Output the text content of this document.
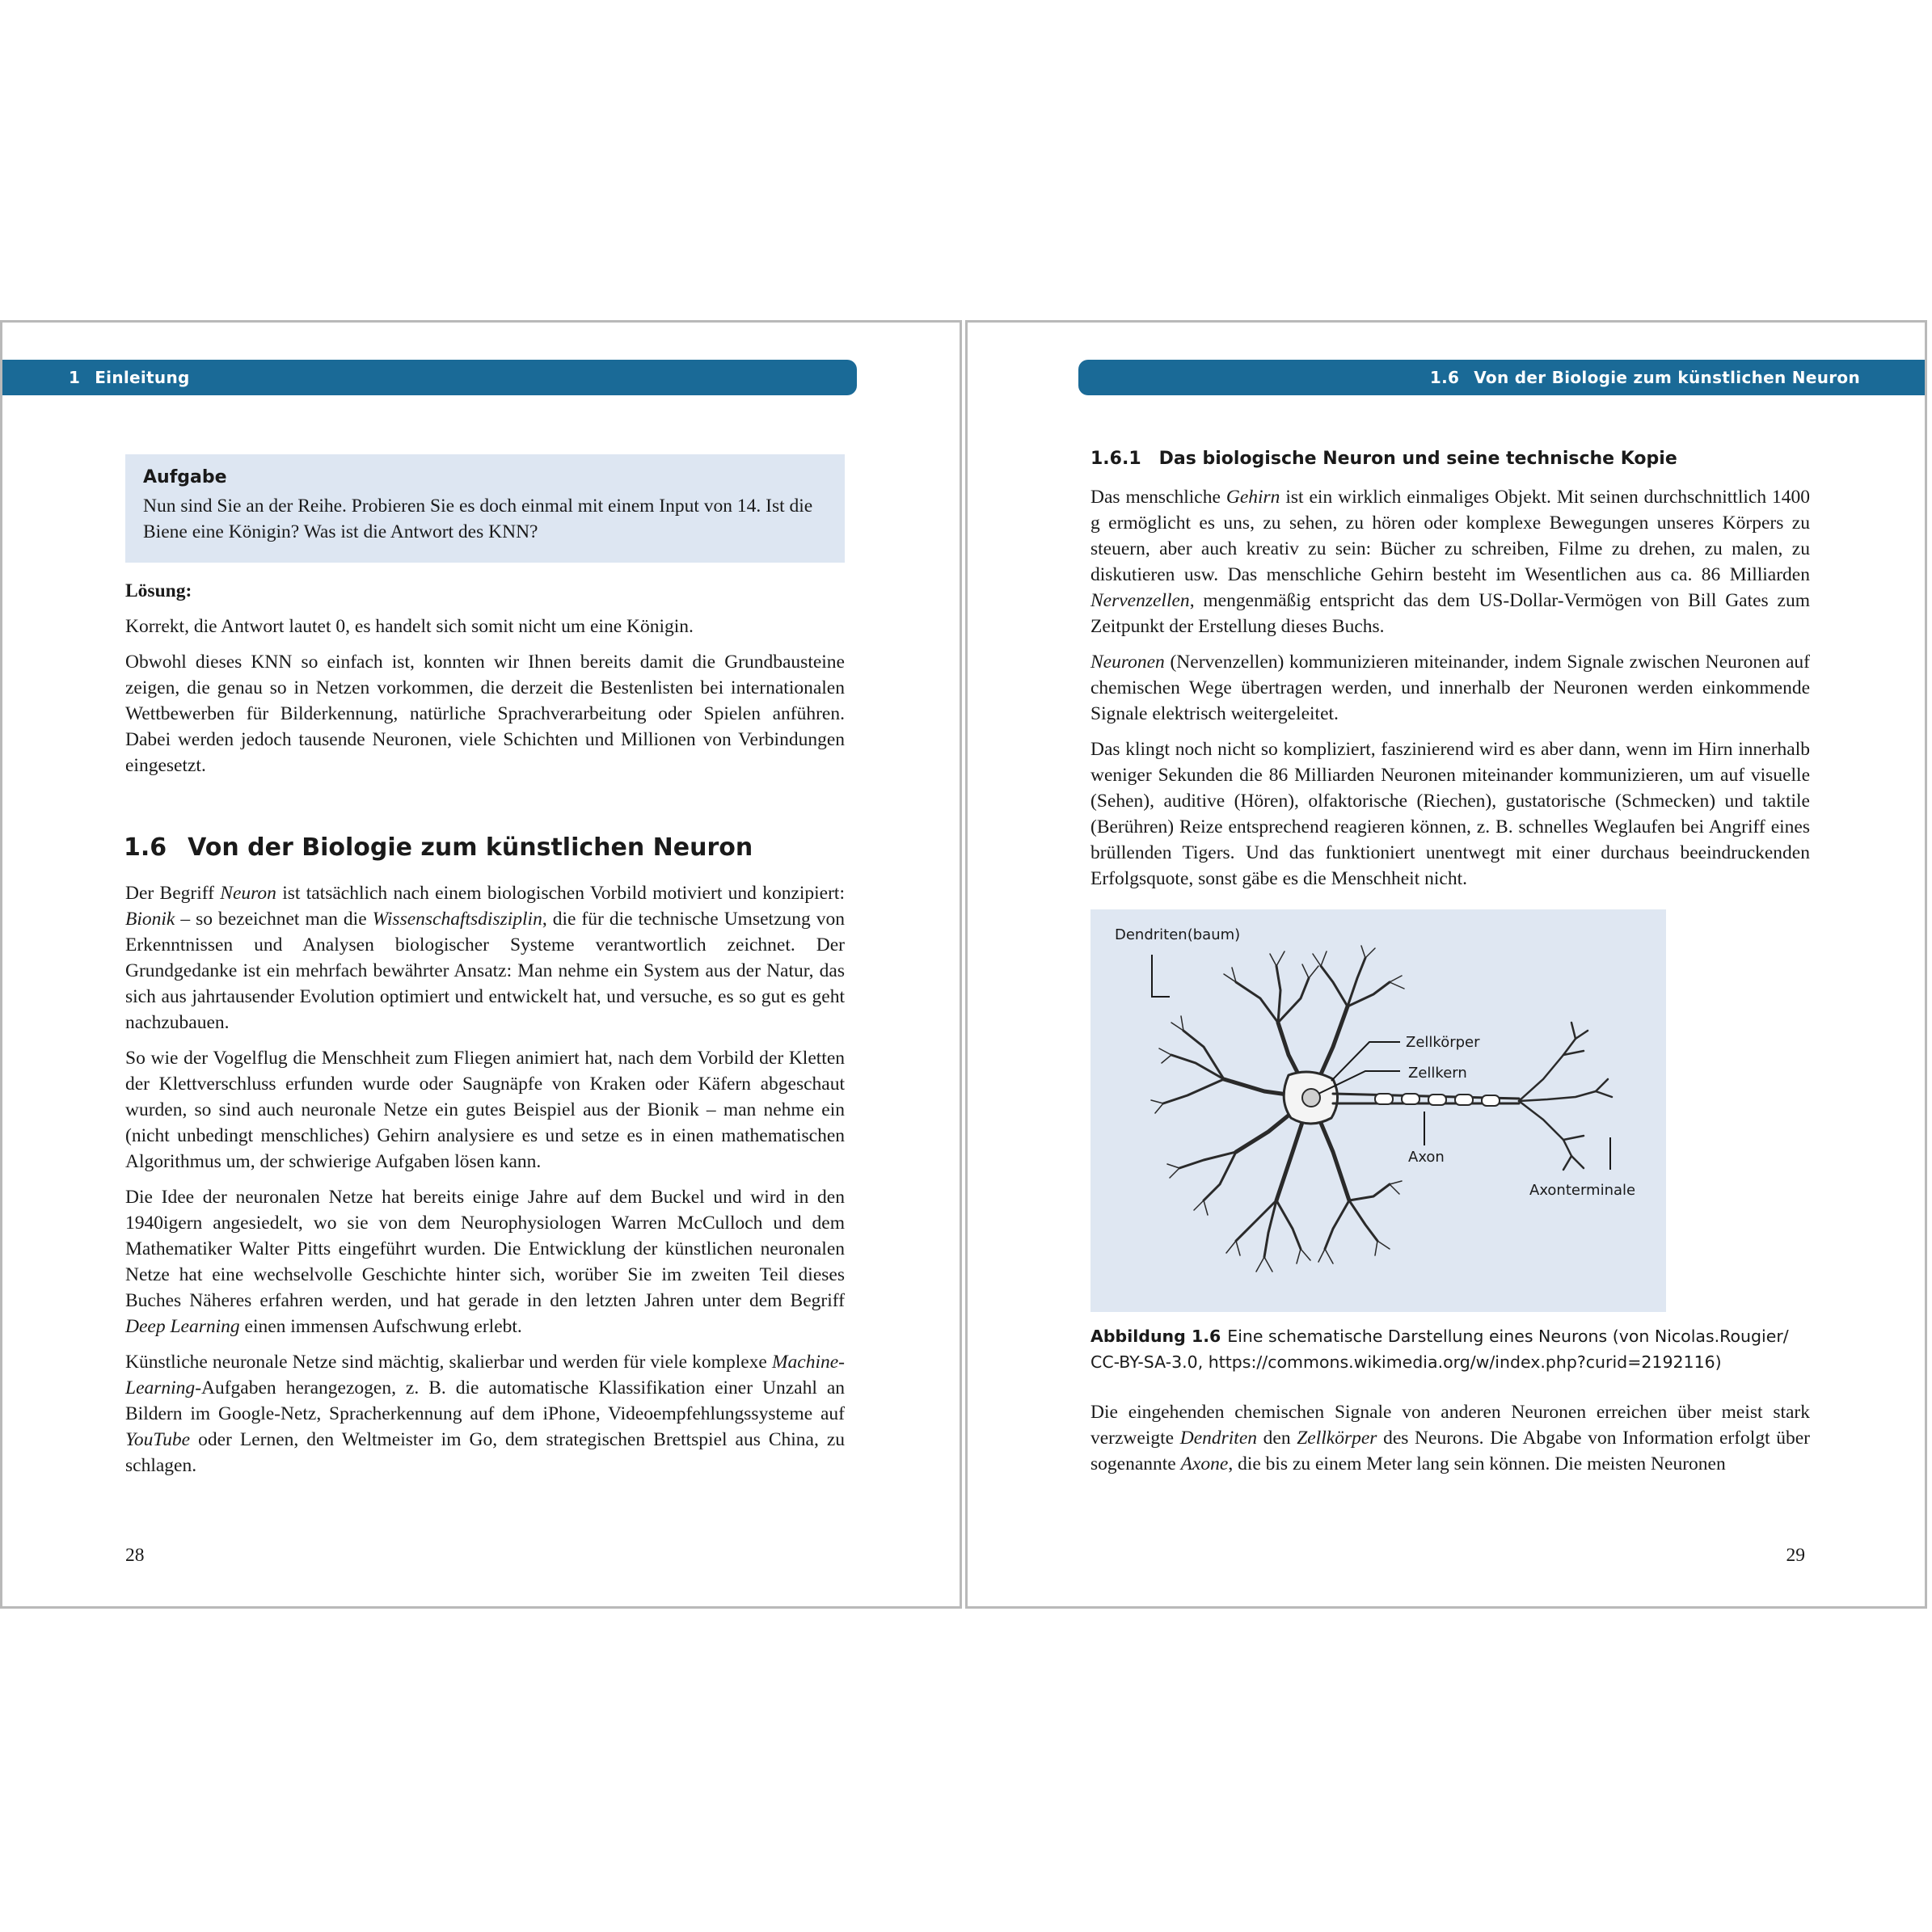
1 Einleitung
Aufgabe
Nun sind Sie an der Reihe. Probieren Sie es doch einmal mit einem Input von 14. Ist die Biene eine Königin? Was ist die Antwort des KNN?

Lösung:

Korrekt, die Antwort lautet 0, es handelt sich somit nicht um eine Königin.

Obwohl dieses KNN so einfach ist, konnten wir Ihnen bereits damit die Grundbausteine zeigen, die genau so in Netzen vorkommen, die derzeit die Bestenlisten bei internationalen Wettbewerben für Bilderkennung, natürliche Sprachverarbeitung oder Spielen anführen. Dabei werden jedoch tausende Neuronen, viele Schichten und Millionen von Verbindungen eingesetzt.

1.6 Von der Biologie zum künstlichen Neuron

Der Begriff Neuron ist tatsächlich nach einem biologischen Vorbild motiviert und konzipiert: Bionik – so bezeichnet man die Wissenschaftsdisziplin, die für die technische Umsetzung von Erkenntnissen und Analysen biologischer Systeme verantwortlich zeichnet. Der Grundgedanke ist ein mehrfach bewährter Ansatz: Man nehme ein System aus der Natur, das sich aus jahrtausender Evolution optimiert und entwickelt hat, und versuche, es so gut es geht nachzubauen.

So wie der Vogelflug die Menschheit zum Fliegen animiert hat, nach dem Vorbild der Kletten der Klettverschluss erfunden wurde oder Saugnäpfe von Kraken oder Käfern abgeschaut wurden, so sind auch neuronale Netze ein gutes Beispiel aus der Bionik – man nehme ein (nicht unbedingt menschliches) Gehirn analysiere es und setze es in einen mathematischen Algorithmus um, der schwierige Aufgaben lösen kann.

Die Idee der neuronalen Netze hat bereits einige Jahre auf dem Buckel und wird in den 1940igern angesiedelt, wo sie von dem Neurophysiologen Warren McCulloch und dem Mathematiker Walter Pitts eingeführt wurden. Die Entwicklung der künstlichen neuronalen Netze hat eine wechselvolle Geschichte hinter sich, worüber Sie im zweiten Teil dieses Buches Näheres erfahren werden, und hat gerade in den letzten Jahren unter dem Begriff Deep Learning einen immensen Aufschwung erlebt.

Künstliche neuronale Netze sind mächtig, skalierbar und werden für viele komplexe Machine-Learning-Aufgaben herangezogen, z. B. die automatische Klassifikation einer Unzahl an Bildern im Google-Netz, Spracherkennung auf dem iPhone, Videoempfehlungssysteme auf YouTube oder Lernen, den Weltmeister im Go, dem strategischen Brettspiel aus China, zu schlagen.

28
1.6 Von der Biologie zum künstlichen Neuron
1.6.1 Das biologische Neuron und seine technische Kopie

Das menschliche Gehirn ist ein wirklich einmaliges Objekt. Mit seinen durchschnittlich 1400 g ermöglicht es uns, zu sehen, zu hören oder komplexe Bewegungen unseres Körpers zu steuern, aber auch kreativ zu sein: Bücher zu schreiben, Filme zu drehen, zu malen, zu diskutieren usw. Das menschliche Gehirn besteht im Wesentlichen aus ca. 86 Milliarden Nervenzellen, mengenmäßig entspricht das dem US-Dollar-Vermögen von Bill Gates zum Zeitpunkt der Erstellung dieses Buchs.

Neuronen (Nervenzellen) kommunizieren miteinander, indem Signale zwischen Neuronen auf chemischen Wege übertragen werden, und innerhalb der Neuronen werden einkommende Signale elektrisch weitergeleitet.

Das klingt noch nicht so kompliziert, faszinierend wird es aber dann, wenn im Hirn innerhalb weniger Sekunden die 86 Milliarden Neuronen miteinander kommunizieren, um auf visuelle (Sehen), auditive (Hören), olfaktorische (Riechen), gustatorische (Schmecken) und taktile (Berühren) Reize entsprechend reagieren können, z. B. schnelles Weglaufen bei Angriff eines brüllenden Tigers. Und das funktioniert unentwegt mit einer durchaus beeindruckenden Erfolgsquote, sonst gäbe es die Menschheit nicht.

Dendriten(baum)
Zellkörper
Zellkern
Axon
Axonterminale
Abbildung 1.6 Eine schematische Darstellung eines Neurons (von Nicolas.Rougier/ CC-BY-SA-3.0, https://commons.wikimedia.org/w/index.php?curid=2192116)

Die eingehenden chemischen Signale von anderen Neuronen erreichen über meist stark verzweigte Dendriten den Zellkörper des Neurons. Die Abgabe von Information erfolgt über sogenannte Axone, die bis zu einem Meter lang sein können. Die meisten Neuronen

29
